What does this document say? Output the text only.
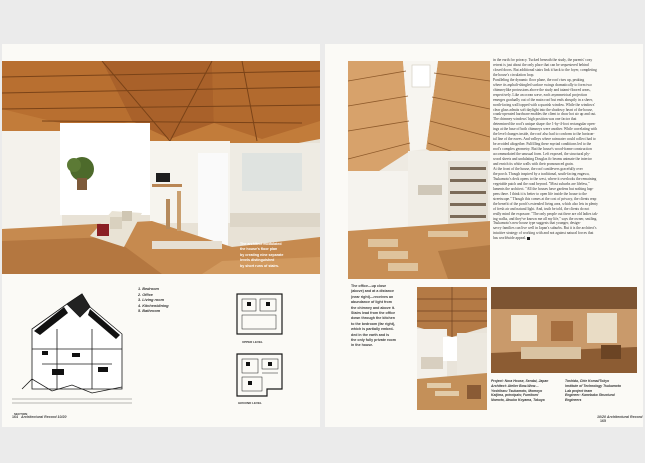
The architect modulated
the house's floor plan
by creating nine separate
levels distinguished
by short runs of stairs.
SECTION
1. Bedroom
2. Office
3. Living room
4. Kitchen/dining
5. Bathroom
UPPER LEVEL
GROUND LEVEL
164 Architectural Record 10/20
in the earth for privacy. Tucked beneath the study, the parents' cozy
retreat is just about the only place that can be sequestered behind
closed doors. But additional stairs link it back to the foyer, completing
the house's circulation loop.
Paralleling the dynamic floor plane, the roof rises up, peaking
where its asphalt-shingled surface swings dramatically to form two
chimneylike protrusions above the study and tatami-floored areas,
respectively. Like an ocean wave, each asymmetrical projection
emerges gradually out of the main roof but ends abruptly in a sheer,
north-facing wall topped with a quarish window. While the windows'
clear glass admits soft daylight into the shadowy heart of the house,
crank-operated hardware enables the client to draw hot air up and out.
The chimney windows' high position was one factor that
determined the roof's unique shape: the 1-by-4-foot rectangular open-
ings at the base of both chimneys were another. While correlating with
the level changes inside, the roof also had to conform to the horizon-
tal line of the eaves. And valleys where rainwater could collect had to
be avoided altogether. Fulfilling these myriad conditions led to the
roof's complex geometry. But the house's wood-frame construction
accommodated the unusual form. Left exposed, the structural ply-
wood sheets and undulating Douglas fir beams animate the interior
and enrich its white walls with their pronounced grain.
At the front of the house, the roof cantilevers gracefully over
the porch. Though inspired by a traditional, south-facing engawa,
Tsukamoto's deck opens to the west, where it overlooks the remaining
vegetable patch and the road beyond. "Most suburbs are lifeless,"
laments the architect. "All the houses have gardens but nothing hap-
pens there. I think it is better to open life inside the house to the
streetscape." Though this comes at the cost of privacy, the clients reap
the benefit of the porch's extended living area, which also lets in plenty
of fresh air and natural light. And, truth be told, the clients do not
really mind the exposure. "The only people out there are old ladies tak-
ing walks, and they've known me all my life," says the owner, smiling.
Tsukamoto's new house type suggests that younger, design-
savvy families can live well in Japan's suburbs. But it is the architect's
intuitive strategy of working with and not against natural forces that
has worldwide appeal.
The office—up close
(above) and at a distance
(near right)—receives an
abundance of light from
the chimney and above it.
Stairs lead from the office
down through the kitchen
to the bedroom (far right),
which is partially embed-
ded in the earth and is
the only fully private room
in the house.
Project: Nora House, Sendai, Japan
Architect: Atelier Bow-Wow—
Yoshiharu Tsukamoto, Momoyo
Kaijima, principals; Fumitomi
Nomoto, Atsuko Koyama, Takuya
Toshida, Chie Komai/Tokyo
Institute of Technology Tsukamoto
Lab project team
Engineer: Kanebako Structural
Engineers
10/20 Architectural Record 165
